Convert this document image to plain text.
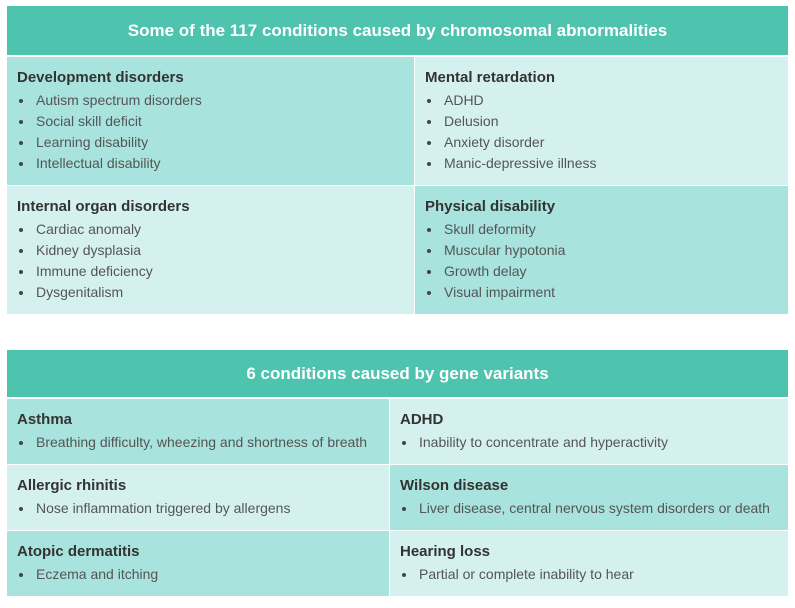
Some of the 117 conditions caused by chromosomal abnormalities
Development disorders
Autism spectrum disorders
Social skill deficit
Learning disability
Intellectual disability
Mental retardation
ADHD
Delusion
Anxiety disorder
Manic-depressive illness
Internal organ disorders
Cardiac anomaly
Kidney dysplasia
Immune deficiency
Dysgenitalism
Physical disability
Skull deformity
Muscular hypotonia
Growth delay
Visual impairment
6 conditions caused by gene variants
Asthma
Breathing difficulty, wheezing and shortness of breath
ADHD
Inability to concentrate and hyperactivity
Allergic rhinitis
Nose inflammation triggered by allergens
Wilson disease
Liver disease, central nervous system disorders or death
Atopic dermatitis
Eczema and itching
Hearing loss
Partial or complete inability to hear
